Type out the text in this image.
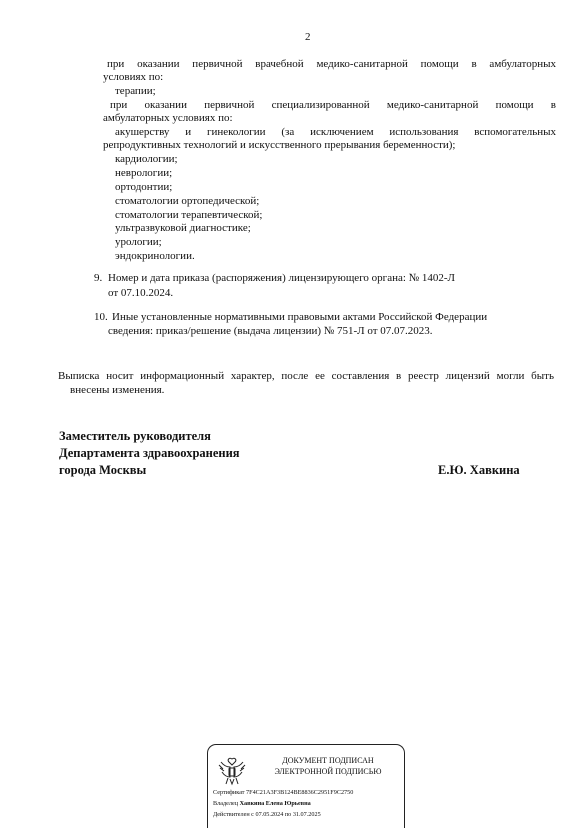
2
при оказании первичной врачебной медико-санитарной помощи в амбулаторных
условиях по:
терапии;
при оказании первичной специализированной медико-санитарной помощи в
амбулаторных условиях по:
акушерству и гинекологии (за исключением использования вспомогательных
репродуктивных технологий и искусственного прерывания беременности);
кардиологии;
неврологии;
ортодонтии;
стоматологии ортопедической;
стоматологии терапевтической;
ультразвуковой диагностике;
урологии;
эндокринологии.
9. Номер и дата приказа (распоряжения) лицензирующего органа: № 1402-Л
от 07.10.2024.
10. Иные установленные нормативными правовыми актами Российской Федерации
сведения: приказ/решение (выдача лицензии) № 751-Л от 07.07.2023.
Выписка носит информационный характер, после ее составления в реестр лицензий могли быть
внесены изменения.
Заместитель руководителя
Департамента здравоохранения
города Москвы	Е.Ю. Хавкина
ДОКУМЕНТ ПОДПИСАН
ЭЛЕКТРОННОЙ ПОДПИСЬЮ
Сертификат 7F4C21A3F3B124BE8836C2951F9C2750
Владелец Хавкина Елена Юрьевна
Действителен с 07.05.2024 по 31.07.2025
